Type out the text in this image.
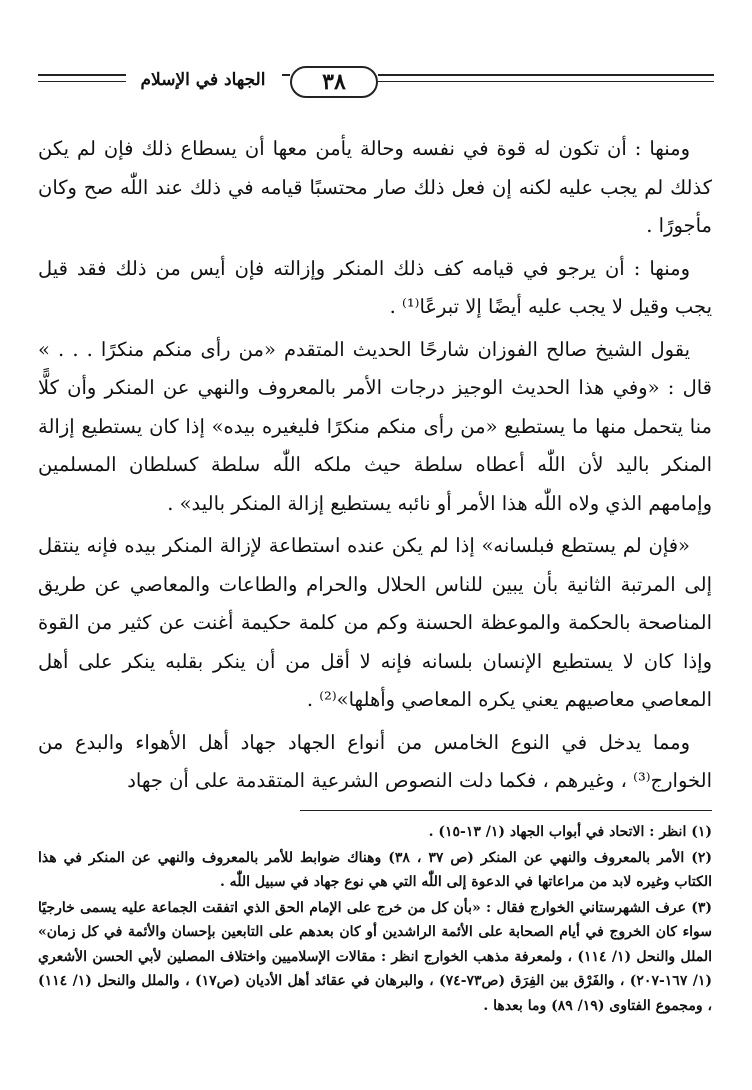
الجهاد في الإسلام	٣٨

ومنها : أن تكون له قوة في نفسه وحالة يأمن معها أن يسطاع ذلك فإن لم يكن كذلك لم يجب عليه لكنه إن فعل ذلك صار محتسبًا قيامه في ذلك عند اللّٰه صح وكان مأجورًا .

ومنها : أن يرجو في قيامه كف ذلك المنكر وإزالته فإن أيس من ذلك فقد قيل يجب وقيل لا يجب عليه أيضًا إلا تبرعًا⁽¹⁾ .

يقول الشيخ صالح الفوزان شارحًا الحديث المتقدم «من رأى منكم منكرًا . . . » قال : «وفي هذا الحديث الوجيز درجات الأمر بالمعروف والنهي عن المنكر وأن كلًّا منا يتحمل منها ما يستطيع «من رأى منكم منكرًا فليغيره بيده» إذا كان يستطيع إزالة المنكر باليد لأن اللّٰه أعطاه سلطة حيث ملكه اللّٰه سلطة كسلطان المسلمين وإمامهم الذي ولاه اللّٰه هذا الأمر أو نائبه يستطيع إزالة المنكر باليد» .

«فإن لم يستطع فبلسانه» إذا لم يكن عنده استطاعة لإزالة المنكر بيده فإنه ينتقل إلى المرتبة الثانية بأن يبين للناس الحلال والحرام والطاعات والمعاصي عن طريق المناصحة بالحكمة والموعظة الحسنة وكم من كلمة حكيمة أغنت عن كثير من القوة وإذا كان لا يستطيع الإنسان بلسانه فإنه لا أقل من أن ينكر بقلبه ينكر على أهل المعاصي معاصيهم يعني يكره المعاصي وأهلها»⁽²⁾ .

ومما يدخل في النوع الخامس من أنواع الجهاد جهاد أهل الأهواء والبدع من الخوارج⁽³⁾ ، وغيرهم ، فكما دلت النصوص الشرعية المتقدمة على أن جهاد

(١) انظر : الاتحاد في أبواب الجهاد (١/ ١٣-١٥) .

(٢) الأمر بالمعروف والنهي عن المنكر (ص ٣٧ ، ٣٨) وهناك ضوابط للأمر بالمعروف والنهي عن المنكر في هذا الكتاب وغيره لابد من مراعاتها في الدعوة إلى اللّٰه التي هي نوع جهاد في سبيل اللّٰه .

(٣) عرف الشهرستاني الخوارج فقال : «بأن كل من خرج على الإمام الحق الذي اتفقت الجماعة عليه يسمى خارجيًا سواء كان الخروج في أيام الصحابة على الأئمة الراشدين أو كان بعدهم على التابعين بإحسان والأئمة في كل زمان» الملل والنحل (١/ ١١٤) ، ولمعرفة مذهب الخوارج انظر : مقالات الإسلاميين واختلاف المصلين لأبي الحسن الأشعري (١/ ١٦٧-٢٠٧) ، والفَرْق بين الفِرَق (ص٧٣-٧٤) ، والبرهان في عقائد أهل الأديان (ص١٧) ، والملل والنحل (١/ ١١٤) ، ومجموع الفتاوى (١٩/ ٨٩) وما بعدها .
